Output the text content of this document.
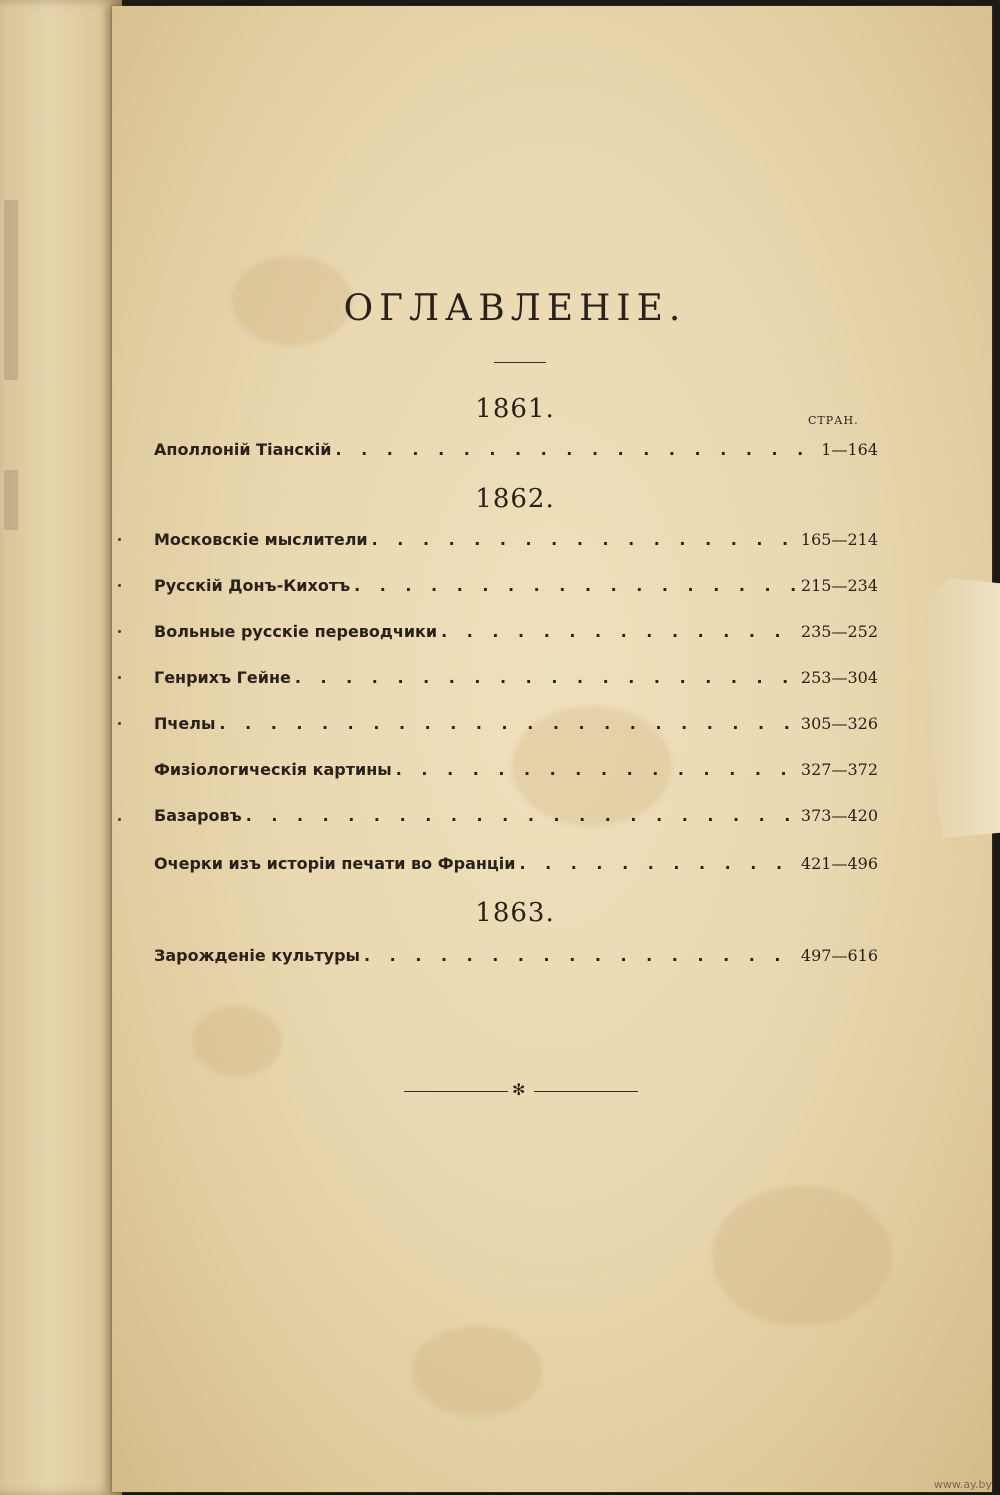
ОГЛАВЛЕНІЕ.
СТРАН.
1861.
Аполлоній Тіанскій . . .	1—164
1862.
Московскіе мыслители . . .	165—214
Русскій Донъ-Кихотъ . . .	215—234
Вольные русскіе переводчики . . .	235—252
Генрихъ Гейне . . .	253—304
Пчелы . . .	305—326
Физіологическія картины . . .	327—372
Базаровъ . . .	373—420
Очерки изъ исторіи печати во Франціи . . .	421—496
1863.
Зарожденіе культуры . . .	497—616
✻
www.ay.by
